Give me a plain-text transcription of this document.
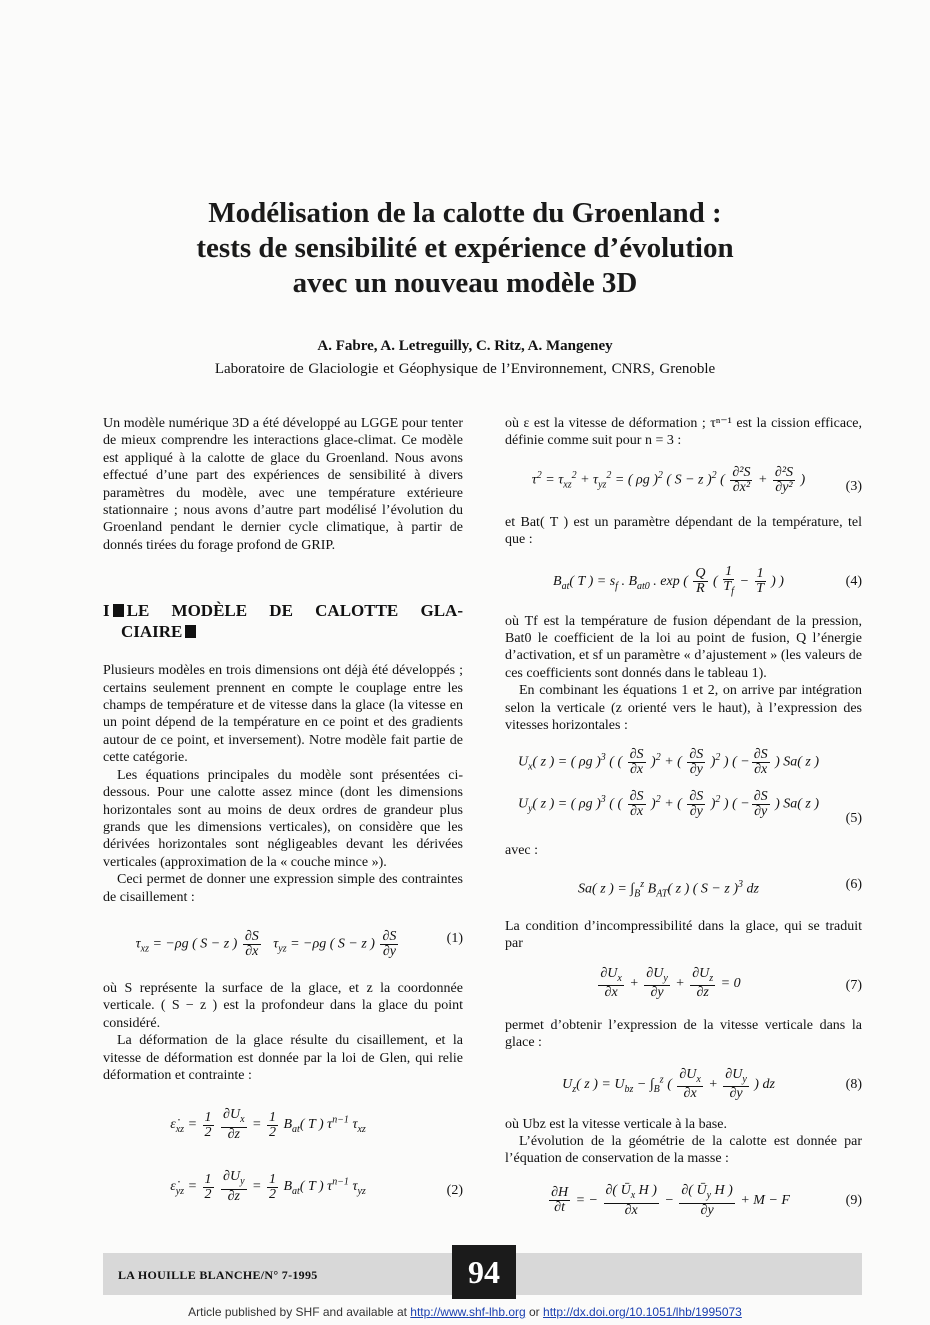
Modélisation de la calotte du Groenland :
tests de sensibilité et expérience d’évolution
avec un nouveau modèle 3D
A. Fabre, A. Letreguilly, C. Ritz, A. Mangeney
Laboratoire de Glaciologie et Géophysique de l’Environnement, CNRS, Grenoble

Un modèle numérique 3D a été développé au LGGE pour tenter de mieux comprendre les interactions glace-climat. Ce modèle est appliqué à la calotte de glace du Groenland. Nous avons effectué d’une part des expériences de sensibilité à divers paramètres du modèle, avec une température extérieure stationnaire ; nous avons d’autre part modélisé l’évolution du Groenland pendant le dernier cycle climatique, à partir de donnés tirées du forage profond de GRIP.

I LE MODÈLE DE CALOTTE GLA-
CIAIRE

Plusieurs modèles en trois dimensions ont déjà été développés ; certains seulement prennent en compte le couplage entre les champs de température et de vitesse dans la glace (la vitesse en un point dépend de la température en ce point et des gradients autour de ce point, et inversement). Notre modèle fait partie de cette catégorie.

Les équations principales du modèle sont présentées ci-dessous. Pour une calotte assez mince (dont les dimensions horizontales sont au moins de deux ordres de grandeur plus grands que les dimensions verticales), on considère que les dérivées horizontales sont négligeables devant les dérivées verticales (approximation de la « couche mince »).

Ceci permet de donner une expression simple des contraintes de cisaillement :

$\tau_{xz} = -\rho g$ ( S − z ) $\frac{\partial S}{\partial x} \tau_{yz} = -\rho g$ ( S − z ) $\frac{\partial S}{\partial y}$	(1)

où S représente la surface de la glace, et z la coordonnée verticale. ( S − z ) est la profondeur dans la glace du point considéré.

La déformation de la glace résulte du cisaillement, et la vitesse de déformation est donnée par la loi de Glen, qui relie déformation et contrainte :

$\varepsiloṅ_{xz} = \frac{1}{2}$
$\frac{\partial U_x}{\partial z} = \frac{1}{2} B_{at}$( T ) $\tau^{n-1}$ $\tau_{xz}$
$\varepsiloṅ_{yz} = \frac{1}{2}$
$\frac{\partial U_y}{\partial z} = \frac{1}{2} B_{at}$( T ) $\tau^{n-1}$ $\tau_{yz}$	(2)

où ε est la vitesse de déformation ; τⁿ⁻¹ est la cission efficace, définie comme suit pour n = 3 :

$\tau^2 = \tau_{xz}^2 + \tau_{yz}^2$ = ( ρg )$^2$ ( S − z )$^2$ ( $\frac{\text{∂²S}}{\text{∂x²}} + \frac{\text{∂²S}}{\text{∂y²}}$ )	(3)

et Bat( T ) est un paramètre dépendant de la température, tel que :

$B_{at}$( T ) = $s_f$ . $B_{at0}$ . exp ( $\frac{Q}{R}$ ( $\frac{1}{T_f} - \frac{1}{T}$ ) )	(4)

où Tf est la température de fusion dépendant de la pression, Bat0 le coefficient de la loi au point de fusion, Q l’énergie d’activation, et sf un paramètre « d’ajustement » (les valeurs de ces coefficients sont donnés dans le tableau 1).

En combinant les équations 1 et 2, on arrive par intégration selon la verticale (z orienté vers le haut), à l’expression des vitesses horizontales :

$U_x$( z ) = ( ρg )$^3$ ( ( $\frac{\partial S}{\partial x} )^2$ + ( $\frac{\partial S}{\partial y} )^2$ ) ( − $\frac{\partial S}{\partial x}$ ) Sa( z )
$U_y$( z ) = ( ρg )$^3$ ( ( $\frac{\partial S}{\partial x} )^2$ + ( $\frac{\partial S}{\partial y} )^2$ ) ( − $\frac{\partial S}{\partial y}$ ) Sa( z )
(5)

avec :

Sa( z ) = $\int_B^z$ $B_{AT}$( z ) ( S − z )$^3$ dz	(6)

La condition d’incompressibilité dans la glace, qui se traduit par

$\frac{\partial U_x}{\partial x} + \frac{\partial U_y}{\partial y} + \frac{\partial U_z}{\partial z} = 0$	(7)

permet d’obtenir l’expression de la vitesse verticale dans la glace :

$U_z$( z ) = $U_{bz} - \int_B^z$ ( $\frac{\partial U_x}{\partial x} + \frac{\partial U_y}{\partial y}$ ) dz	(8)

où Ubz est la vitesse verticale à la base.

L’évolution de la géométrie de la calotte est donnée par l’équation de conservation de la masse :

$\frac{\partial H}{\partial t}$ = − $\frac{\partial( Ū_x H )}{\partial x} - \frac{\partial( Ū_y H )}{\partial y} + M - F$	(9)
LA HOUILLE BLANCHE/N° 7-1995	94
Article published by SHF and available at http://www.shf-lhb.org or http://dx.doi.org/10.1051/lhb/1995073
